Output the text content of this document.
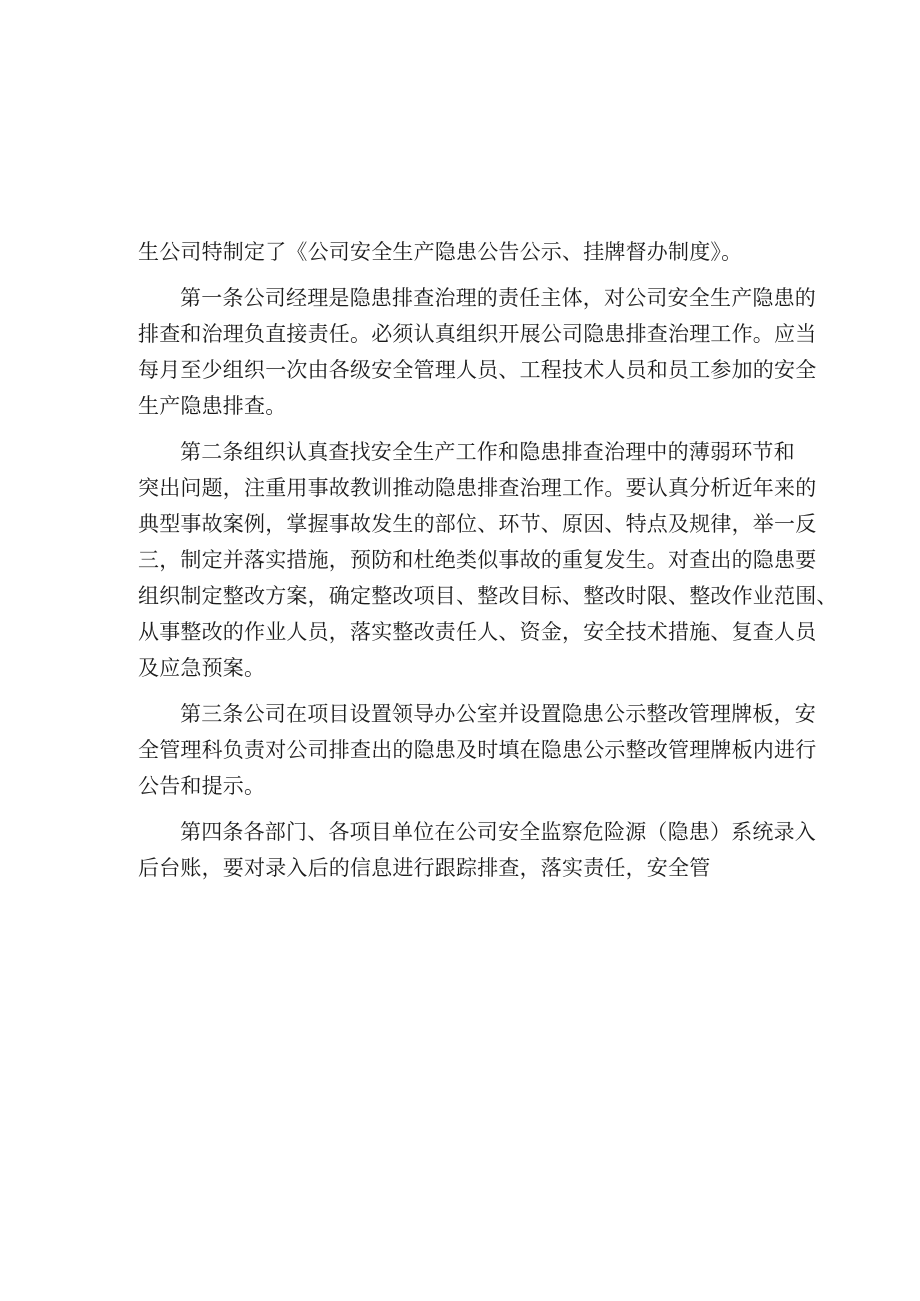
生公司特制定了《公司安全生产隐患公告公示、挂牌督办制度》。
第一条公司经理是隐患排查治理的责任主体，对公司安全生产隐患的
排查和治理负直接责任。必须认真组织开展公司隐患排查治理工作。应当
每月至少组织一次由各级安全管理人员、工程技术人员和员工参加的安全
生产隐患排查。
第二条组织认真查找安全生产工作和隐患排查治理中的薄弱环节和
突出问题，注重用事故教训推动隐患排查治理工作。要认真分析近年来的
典型事故案例，掌握事故发生的部位、环节、原因、特点及规律，举一反
三，制定并落实措施，预防和杜绝类似事故的重复发生。对查出的隐患要
组织制定整改方案，确定整改项目、整改目标、整改时限、整改作业范围、
从事整改的作业人员，落实整改责任人、资金，安全技术措施、复查人员
及应急预案。
第三条公司在项目设置领导办公室并设置隐患公示整改管理牌板，安
全管理科负责对公司排查出的隐患及时填在隐患公示整改管理牌板内进行
公告和提示。
第四条各部门、各项目单位在公司安全监察危险源（隐患）系统录入
后台账，要对录入后的信息进行跟踪排查，落实责任，安全管
